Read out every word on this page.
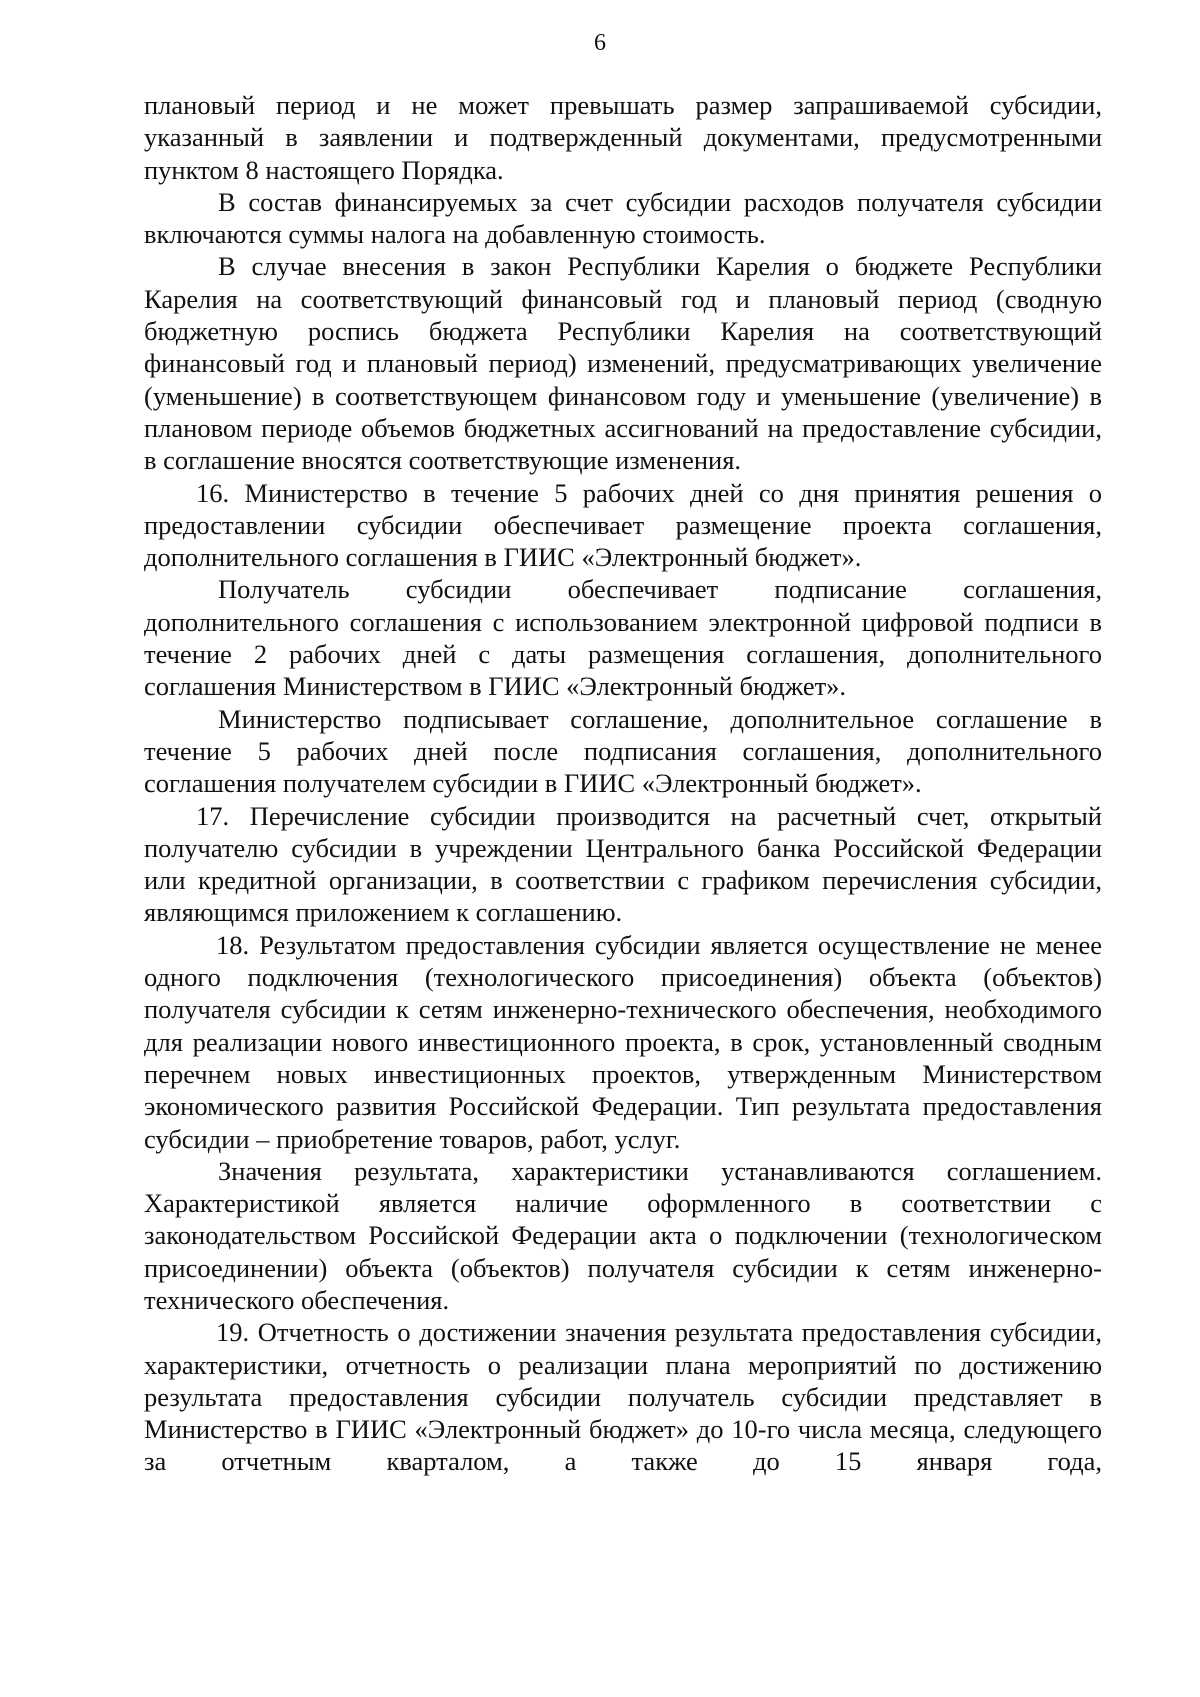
6

плановый период и не может превышать размер запрашиваемой субсидии, указанный в заявлении и подтвержденный документами, предусмотренными пунктом 8 настоящего Порядка.

В состав финансируемых за счет субсидии расходов получателя субсидии включаются суммы налога на добавленную стоимость.

В случае внесения в закон Республики Карелия о бюджете Республики Карелия на соответствующий финансовый год и плановый период (сводную бюджетную роспись бюджета Республики Карелия на соответствующий финансовый год и плановый период) изменений, предусматривающих увеличение (уменьшение) в соответствующем финансовом году и уменьшение (увеличение) в плановом периоде объемов бюджетных ассигнований на предоставление субсидии, в соглашение вносятся соответствующие изменения.

16. Министерство в течение 5 рабочих дней со дня принятия решения о предоставлении субсидии обеспечивает размещение проекта соглашения, дополнительного соглашения в ГИИС «Электронный бюджет».

Получатель субсидии обеспечивает подписание соглашения, дополнительного соглашения с использованием электронной цифровой подписи в течение 2 рабочих дней с даты размещения соглашения, дополнительного соглашения Министерством в ГИИС «Электронный бюджет».

Министерство подписывает соглашение, дополнительное соглашение в течение 5 рабочих дней после подписания соглашения, дополнительного соглашения получателем субсидии в ГИИС «Электронный бюджет».

17. Перечисление субсидии производится на расчетный счет, открытый получателю субсидии в учреждении Центрального банка Российской Федерации или кредитной организации, в соответствии с графиком перечисления субсидии, являющимся приложением к соглашению.

18. Результатом предоставления субсидии является осуществление не менее одного подключения (технологического присоединения) объекта (объектов) получателя субсидии к сетям инженерно-технического обеспечения, необходимого для реализации нового инвестиционного проекта, в срок, установленный сводным перечнем новых инвестиционных проектов, утвержденным Министерством экономического развития Российской Федерации. Тип результата предоставления субсидии – приобретение товаров, работ, услуг.

Значения результата, характеристики устанавливаются соглашением. Характеристикой является наличие оформленного в соответствии с законодательством Российской Федерации акта о подключении (технологическом присоединении) объекта (объектов) получателя субсидии к сетям инженерно-технического обеспечения.

19. Отчетность о достижении значения результата предоставления субсидии, характеристики, отчетность о реализации плана мероприятий по достижению результата предоставления субсидии получатель субсидии представляет в Министерство в ГИИС «Электронный бюджет» до 10-го числа месяца, следующего за отчетным кварталом, а также до 15 января года,
